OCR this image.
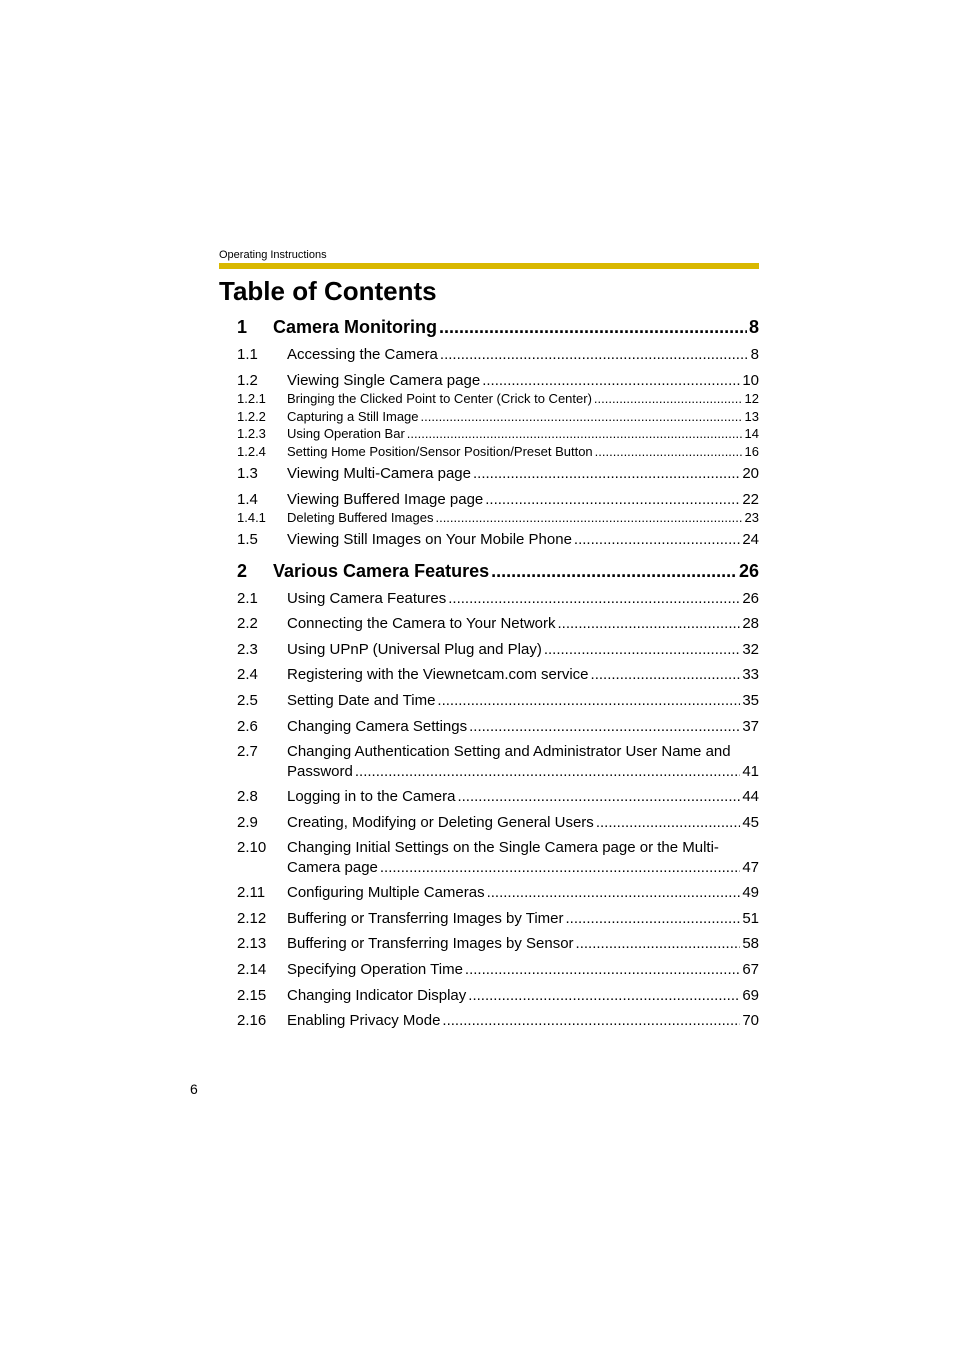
Operating Instructions
Table of Contents
1	Camera Monitoring .....	8
1.1	Accessing the Camera .....	8
1.2	Viewing Single Camera page .....	10
1.2.1	Bringing the Clicked Point to Center (Crick to Center) .....	12
1.2.2	Capturing a Still Image .....	13
1.2.3	Using Operation Bar .....	14
1.2.4	Setting Home Position/Sensor Position/Preset Button .....	16
1.3	Viewing Multi-Camera page .....	20
1.4	Viewing Buffered Image page .....	22
1.4.1	Deleting Buffered Images .....	23
1.5	Viewing Still Images on Your Mobile Phone .....	24
2	Various Camera Features .....	26
2.1	Using Camera Features .....	26
2.2	Connecting the Camera to Your Network .....	28
2.3	Using UPnP (Universal Plug and Play) .....	32
2.4	Registering with the Viewnetcam.com service .....	33
2.5	Setting Date and Time .....	35
2.6	Changing Camera Settings .....	37
2.7 Changing Authentication Setting and Administrator User Name and
Password .....	41
2.8	Logging in to the Camera .....	44
2.9	Creating, Modifying or Deleting General Users .....	45
2.10 Changing Initial Settings on the Single Camera page or the Multi-
Camera page .....	47
2.11	Configuring Multiple Cameras .....	49
2.12	Buffering or Transferring Images by Timer .....	51
2.13	Buffering or Transferring Images by Sensor .....	58
2.14	Specifying Operation Time .....	67
2.15	Changing Indicator Display .....	69
2.16	Enabling Privacy Mode .....	70
6
